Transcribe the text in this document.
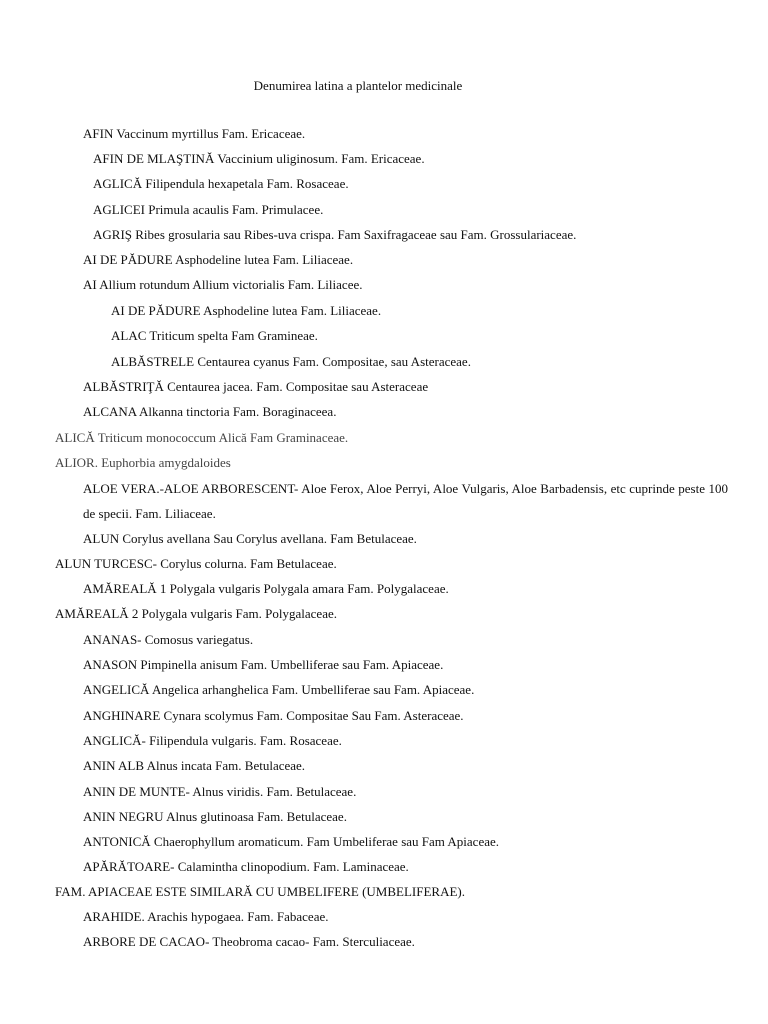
Denumirea latina a plantelor medicinale
AFIN Vaccinum myrtillus Fam. Ericaceae.
AFIN DE MLAŞTINĂ Vaccinium uliginosum. Fam. Ericaceae.
AGLICĂ Filipendula hexapetala Fam. Rosaceae.
AGLICEI Primula acaulis Fam. Primulacee.
AGRIŞ Ribes grosularia sau Ribes-uva crispa. Fam Saxifragaceae sau Fam. Grossulariaceae.
AI DE PĂDURE Asphodeline lutea Fam. Liliaceae.
AI Allium rotundum Allium victorialis Fam. Liliacee.
AI DE PĂDURE Asphodeline lutea Fam. Liliaceae.
ALAC Triticum spelta Fam Gramineae.
ALBĂSTRELE Centaurea cyanus Fam. Compositae, sau Asteraceae.
ALBĂSTRIŢĂ Centaurea jacea. Fam. Compositae sau Asteraceae
ALCANA Alkanna tinctoria Fam. Boraginaceea.
ALICĂ Triticum monococcum Alică Fam Graminaceae.
ALIOR. Euphorbia amygdaloides
ALOE VERA.-ALOE ARBORESCENT- Aloe Ferox, Aloe Perryi, Aloe Vulgaris, Aloe Barbadensis, etc cuprinde peste 100 de specii. Fam. Liliaceae.
ALUN Corylus avellana Sau Corylus avellana. Fam Betulaceae.
ALUN TURCESC- Corylus colurna. Fam Betulaceae.
AMĂREALĂ 1 Polygala vulgaris Polygala amara Fam. Polygalaceae.
AMĂREALĂ 2 Polygala vulgaris Fam. Polygalaceae.
ANANAS- Comosus variegatus.
ANASON Pimpinella anisum Fam. Umbelliferae sau Fam. Apiaceae.
ANGELICĂ Angelica arhanghelica Fam. Umbelliferae sau Fam. Apiaceae.
ANGHINARE Cynara scolymus Fam. Compositae Sau Fam. Asteraceae.
ANGLICĂ- Filipendula vulgaris. Fam. Rosaceae.
ANIN ALB Alnus incata Fam. Betulaceae.
ANIN DE MUNTE- Alnus viridis. Fam. Betulaceae.
ANIN NEGRU Alnus glutinoasa Fam. Betulaceae.
ANTONICĂ Chaerophyllum aromaticum. Fam Umbeliferae sau Fam Apiaceae.
APĂRĂTOARE- Calamintha clinopodium. Fam. Laminaceae.
FAM. APIACEAE ESTE SIMILARĂ CU UMBELIFERE (UMBELIFERAE).
ARAHIDE. Arachis hypogaea. Fam. Fabaceae.
ARBORE DE CACAO- Theobroma cacao- Fam. Sterculiaceae.
